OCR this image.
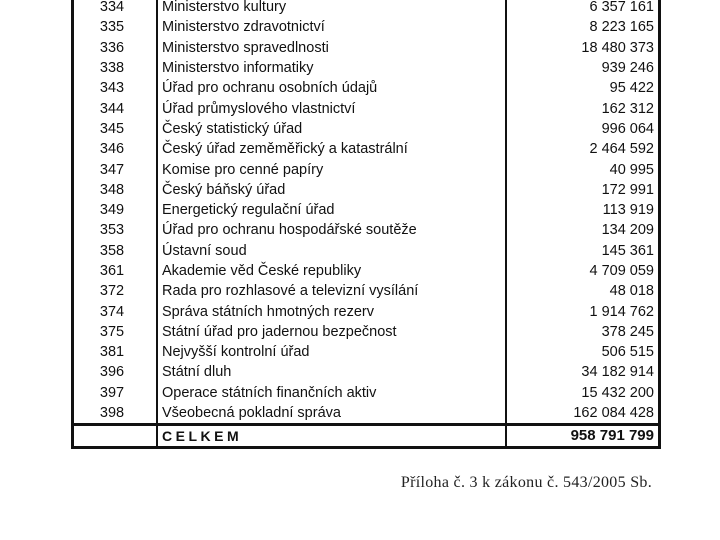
334	Ministerstvo kultury	6 357 161
335	Ministerstvo zdravotnictví	8 223 165
336	Ministerstvo spravedlnosti	18 480 373
338	Ministerstvo informatiky	939 246
343	Úřad pro ochranu osobních údajů	95 422
344	Úřad průmyslového vlastnictví	162 312
345	Český statistický úřad	996 064
346	Český úřad zeměměřický a katastrální	2 464 592
347	Komise pro cenné papíry	40 995
348	Český báňský úřad	172 991
349	Energetický regulační úřad	113 919
353	Úřad pro ochranu hospodářské soutěže	134 209
358	Ústavní soud	145 361
361	Akademie věd České republiky	4 709 059
372	Rada pro rozhlasové a televizní vysílání	48 018
374	Správa státních hmotných rezerv	1 914 762
375	Státní úřad pro jadernou bezpečnost	378 245
381	Nejvyšší kontrolní úřad	506 515
396	Státní dluh	34 182 914
397	Operace státních finančních aktiv	15 432 200
398	Všeobecná pokladní správa	162 084 428
	CELKEM	958 791 799
Příloha č. 3 k zákonu č. 543/2005 Sb.
